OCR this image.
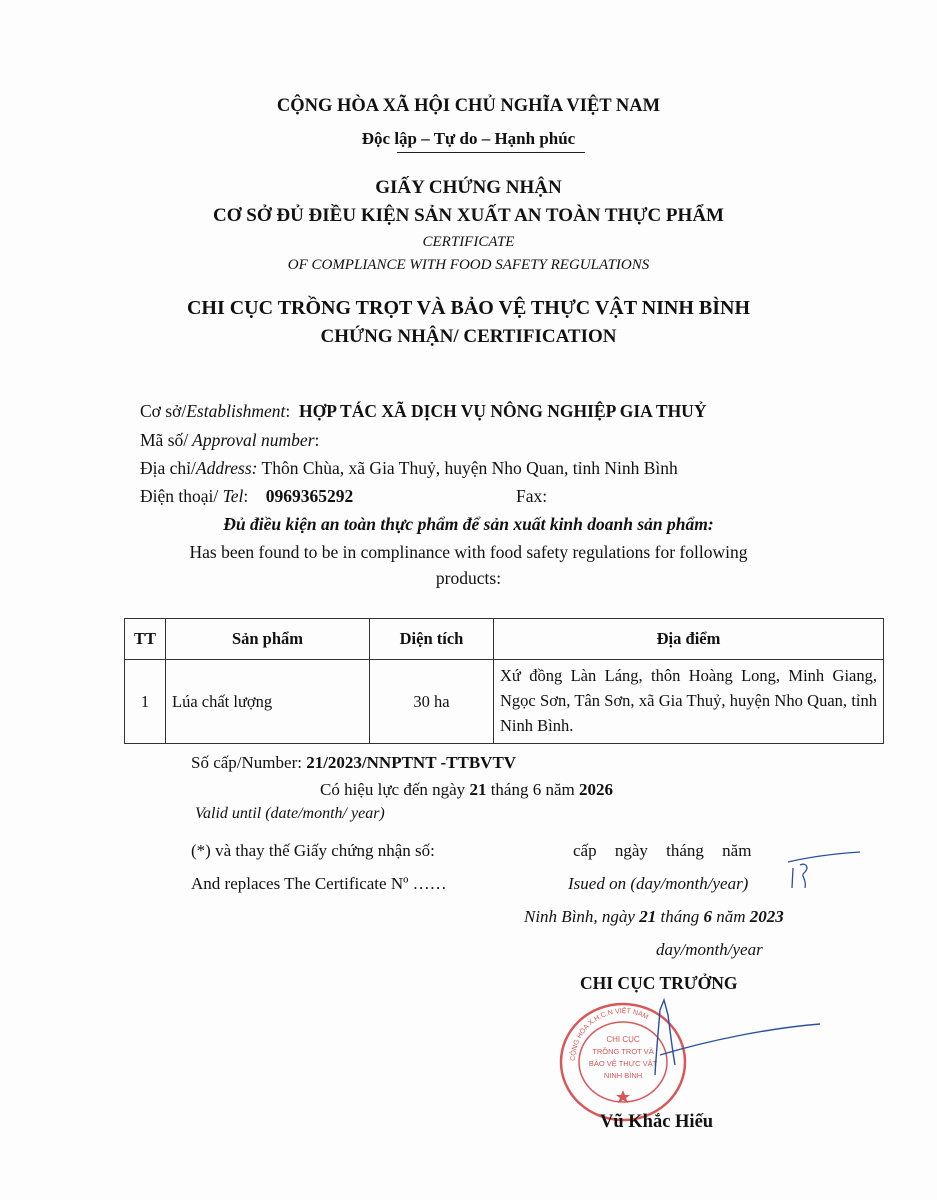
CỘNG HÒA XÃ HỘI CHỦ NGHĨA VIỆT NAM
Độc lập – Tự do – Hạnh phúc
GIẤY CHỨNG NHẬN
CƠ SỞ ĐỦ ĐIỀU KIỆN SẢN XUẤT AN TOÀN THỰC PHẨM
CERTIFICATE
OF COMPLIANCE WITH FOOD SAFETY REGULATIONS
CHI CỤC TRỒNG TRỌT VÀ BẢO VỆ THỰC VẬT NINH BÌNH
CHỨNG NHẬN/ CERTIFICATION
Cơ sở/Establishment:  HỢP TÁC XÃ DỊCH VỤ NÔNG NGHIỆP GIA THUỶ
Mã số/ Approval number:
Địa chỉ/Address: Thôn Chùa, xã Gia Thuỷ, huyện Nho Quan, tỉnh Ninh Bình
Điện thoại/ Tel:    0969365292	Fax:
Đủ điều kiện an toàn thực phẩm để sản xuất kinh doanh sản phẩm:
Has been found to be in complinance with food safety regulations for following
products:
TT	Sản phẩm	Diện tích	Địa điểm
1	Lúa chất lượng	30 ha	Xứ đồng Làn Láng, thôn Hoàng Long, Minh Giang, Ngọc Sơn, Tân Sơn, xã Gia Thuỷ, huyện Nho Quan, tỉnh Ninh Bình.
Số cấp/Number: 21/2023/NNPTNT -TTBVTV
Có hiệu lực đến ngày 21 tháng 6 năm 2026
Valid until (date/month/ year)
(*) và thay thế Giấy chứng nhận số:	cấp ngày tháng năm
And replaces The Certificate Nº ……	Isued on (day/month/year)
Ninh Bình, ngày 21 tháng 6 năm 2023
day/month/year
CHI CỤC TRƯỞNG
CỘNG HÒA X.H.C.N VIỆT NAM
CHI CỤC
TRỒNG TRỌT VÀ
BẢO VỆ THỰC VẬT
NINH BÌNH
Vũ Khắc Hiếu
